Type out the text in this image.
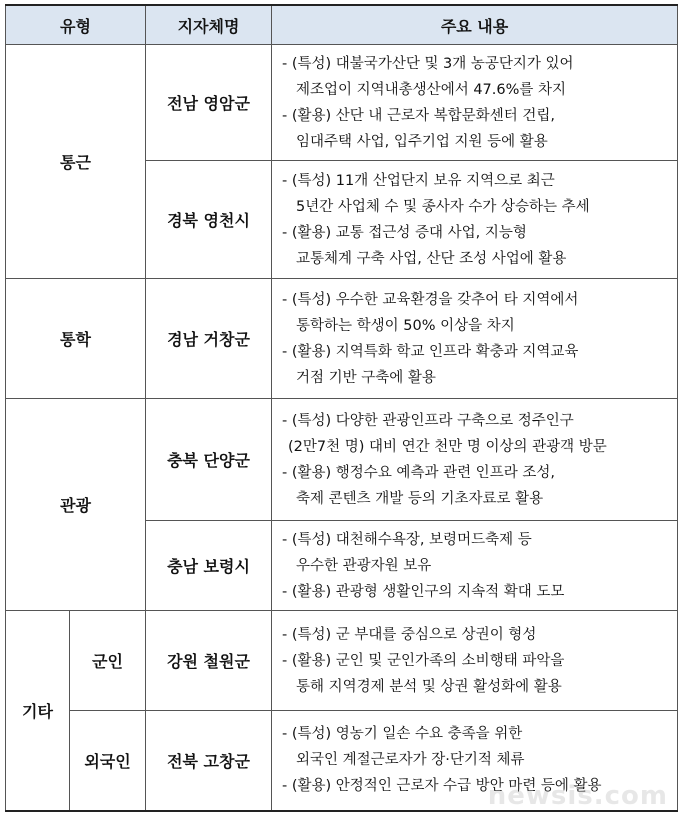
유형		지자체명	주요 내용
통근		전남 영암군	- (특성) 대불국가산단 및 3개 농공단지가 있어
제조업이 지역내총생산에서 47.6%를 차지
- (활용) 산단 내 근로자 복합문화센터 건립,
임대주택 사업, 입주기업 지원 등에 활용

		경북 영천시	- (특성) 11개 산업단지 보유 지역으로 최근
5년간 사업체 수 및 종사자 수가 상승하는 추세
- (활용) 교통 접근성 증대 사업, 지능형
교통체계 구축 사업, 산단 조성 사업에 활용

통학		경남 거창군	- (특성) 우수한 교육환경을 갖추어 타 지역에서
통학하는 학생이 50% 이상을 차지
- (활용) 지역특화 학교 인프라 확충과 지역교육
거점 기반 구축에 활용

관광		충북 단양군	- (특성) 다양한 관광인프라 구축으로 정주인구
(2만7천 명) 대비 연간 천만 명 이상의 관광객 방문
- (활용) 행정수요 예측과 관련 인프라 조성,
축제 콘텐츠 개발 등의 기초자료로 활용

		충남 보령시	- (특성) 대천해수욕장, 보령머드축제 등
우수한 관광자원 보유
- (활용) 관광형 생활인구의 지속적 확대 도모

기타	군인	강원 철원군	- (특성) 군 부대를 중심으로 상권이 형성
- (활용) 군인 및 군인가족의 소비행태 파악을
통해 지역경제 분석 및 상권 활성화에 활용

	외국인	전북 고창군	- (특성) 영농기 일손 수요 충족을 위한
외국인 계절근로자가 장·단기적 체류
- (활용) 안정적인 근로자 수급 방안 마련 등에 활용
newsis.com
